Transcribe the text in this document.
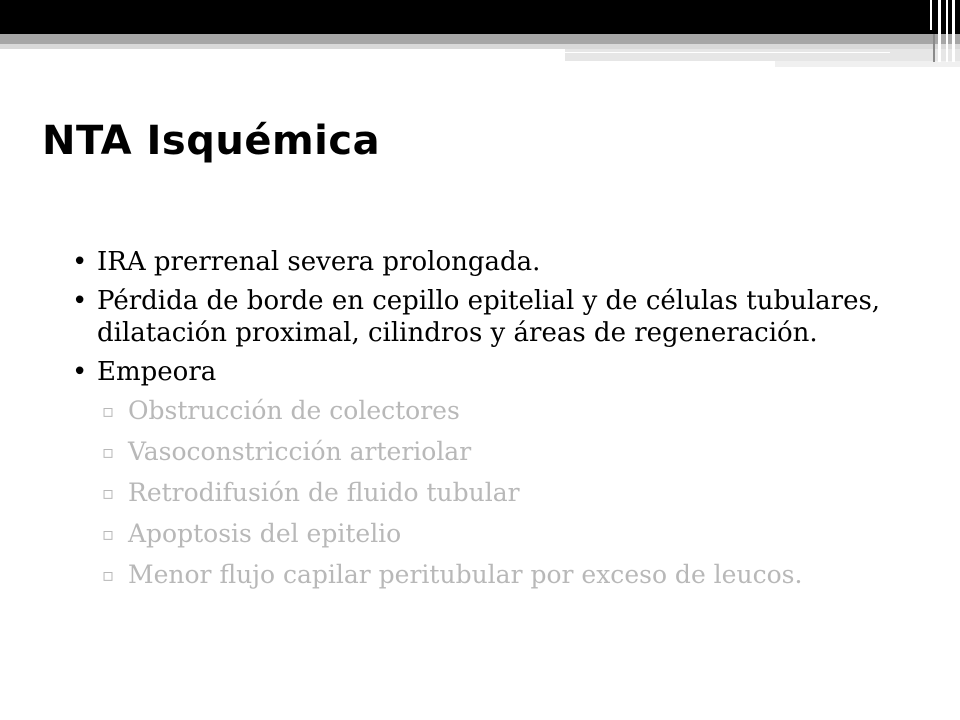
NTA Isquémica
• IRA prerrenal severa prolongada.
• Pérdida de borde en cepillo epitelial y de células tubulares, dilatación proximal, cilindros y áreas de regeneración.
• Empeora
▫ Obstrucción de colectores
▫ Vasoconstricción arteriolar
▫ Retrodifusión de fluido tubular
▫ Apoptosis del epitelio
▫ Menor flujo capilar peritubular por exceso de leucos.
